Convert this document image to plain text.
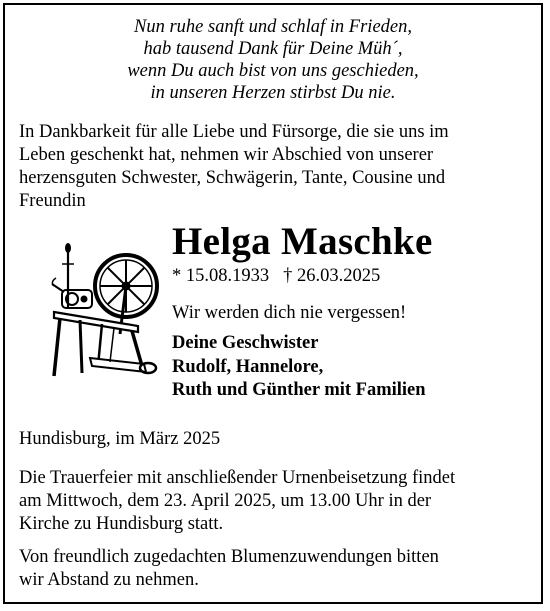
Nun ruhe sanft und schlaf in Frieden,
hab tausend Dank für Deine Müh´,
wenn Du auch bist von uns geschieden,
in unseren Herzen stirbst Du nie.
In Dankbarkeit für alle Liebe und Fürsorge, die sie uns im
Leben geschenkt hat, nehmen wir Abschied von unserer
herzensguten Schwester, Schwägerin, Tante, Cousine und
Freundin
Helga Maschke
* 15.08.1933 † 26.03.2025
Wir werden dich nie vergessen!
Deine Geschwister
Rudolf, Hannelore,
Ruth und Günther mit Familien
Hundisburg, im März 2025
Die Trauerfeier mit anschließender Urnenbeisetzung findet
am Mittwoch, dem 23. April 2025, um 13.00 Uhr in der
Kirche zu Hundisburg statt.
Von freundlich zugedachten Blumenzuwendungen bitten
wir Abstand zu nehmen.
